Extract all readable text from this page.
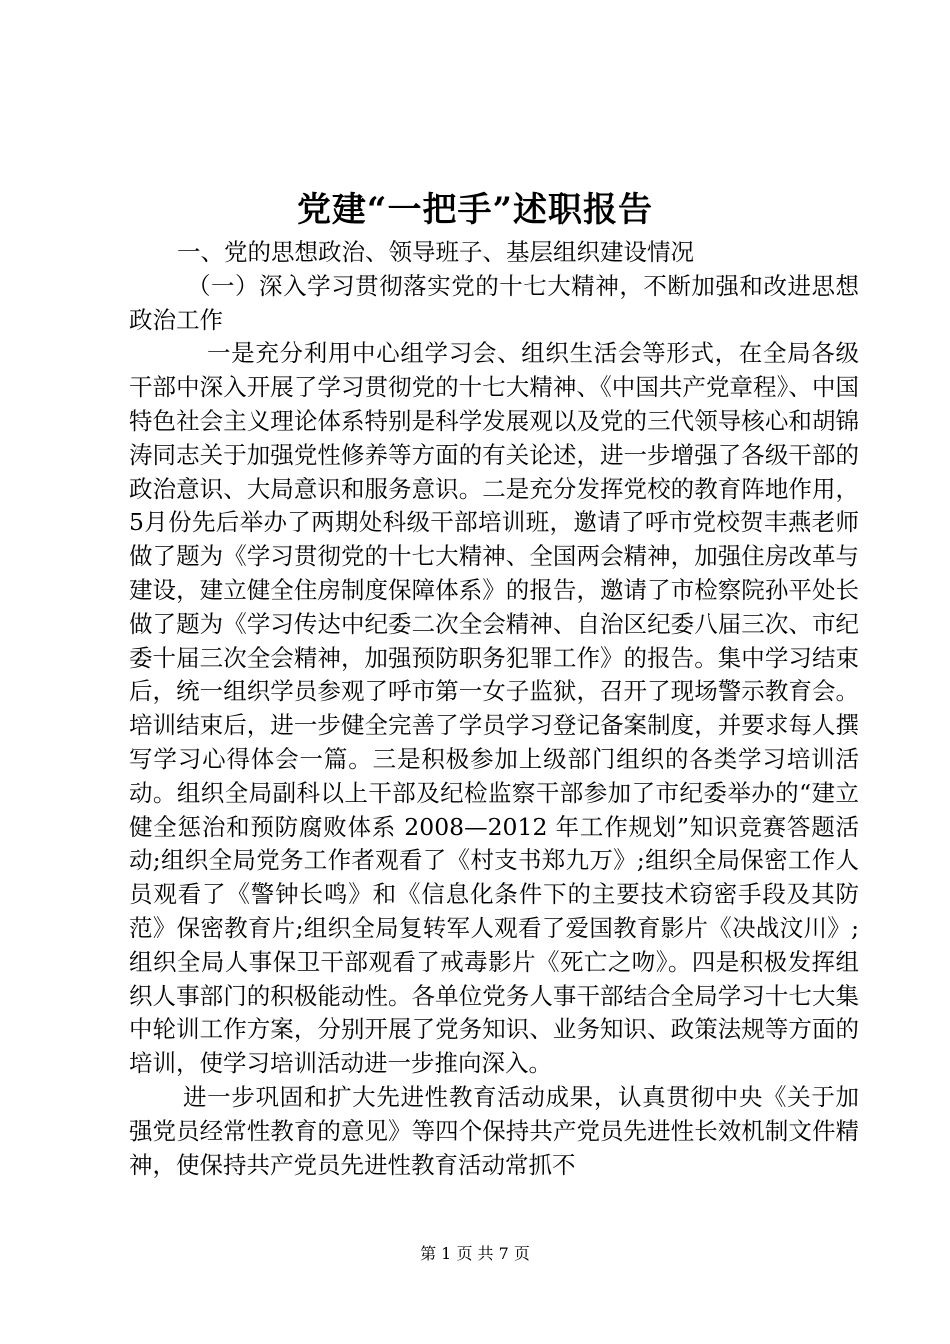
党建“一把手”述职报告

一、党的思想政治、领导班子、基层组织建设情况

（一）深入学习贯彻落实党的十七大精神，不断加强和改进思想政治工作

一是充分利用中心组学习会、组织生活会等形式，在全局各级干部中深入开展了学习贯彻党的十七大精神、《中国共产党章程》、中国特色社会主义理论体系特别是科学发展观以及党的三代领导核心和胡锦涛同志关于加强党性修养等方面的有关论述，进一步增强了各级干部的政治意识、大局意识和服务意识。二是充分发挥党校的教育阵地作用，5月份先后举办了两期处科级干部培训班，邀请了呼市党校贺丰燕老师做了题为《学习贯彻党的十七大精神、全国两会精神，加强住房改革与建设，建立健全住房制度保障体系》的报告，邀请了市检察院孙平处长做了题为《学习传达中纪委二次全会精神、自治区纪委八届三次、市纪委十届三次全会精神，加强预防职务犯罪工作》的报告。集中学习结束后，统一组织学员参观了呼市第一女子监狱，召开了现场警示教育会。培训结束后，进一步健全完善了学员学习登记备案制度，并要求每人撰写学习心得体会一篇。三是积极参加上级部门组织的各类学习培训活动。组织全局副科以上干部及纪检监察干部参加了市纪委举办的“建立健全惩治和预防腐败体系 2008—2012 年工作规划”知识竞赛答题活动;组织全局党务工作者观看了《村支书郑九万》;组织全局保密工作人员观看了《警钟长鸣》和《信息化条件下的主要技术窃密手段及其防范》保密教育片;组织全局复转军人观看了爱国教育影片《决战汶川》;组织全局人事保卫干部观看了戒毒影片《死亡之吻》。四是积极发挥组织人事部门的积极能动性。各单位党务人事干部结合全局学习十七大集中轮训工作方案，分别开展了党务知识、业务知识、政策法规等方面的培训，使学习培训活动进一步推向深入。

进一步巩固和扩大先进性教育活动成果，认真贯彻中央《关于加强党员经常性教育的意见》等四个保持共产党员先进性长效机制文件精神，使保持共产党员先进性教育活动常抓不

第 1 页 共 7 页
